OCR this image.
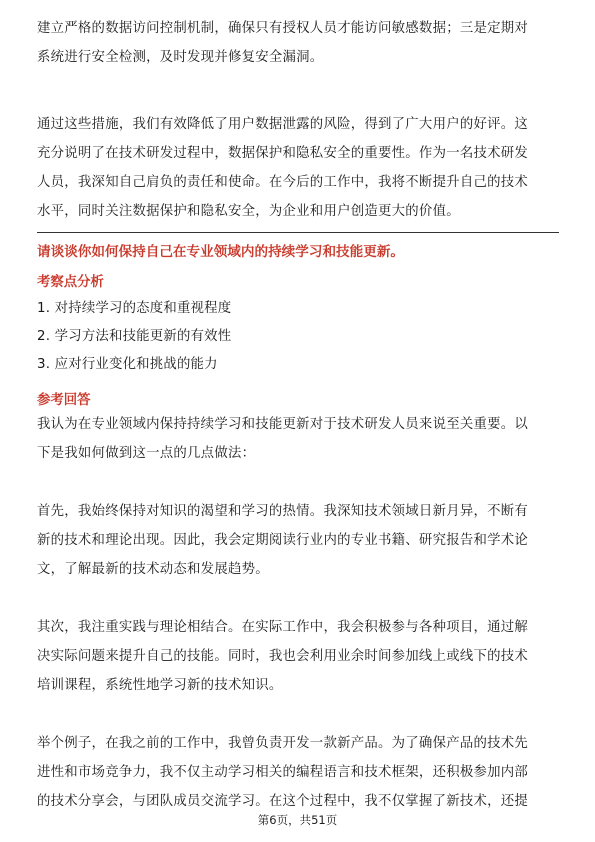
建立严格的数据访问控制机制，确保只有授权人员才能访问敏感数据；三是定期对
系统进行安全检测，及时发现并修复安全漏洞。
通过这些措施，我们有效降低了用户数据泄露的风险，得到了广大用户的好评。这
充分说明了在技术研发过程中，数据保护和隐私安全的重要性。作为一名技术研发
人员，我深知自己肩负的责任和使命。在今后的工作中，我将不断提升自己的技术
水平，同时关注数据保护和隐私安全，为企业和用户创造更大的价值。
请谈谈你如何保持自己在专业领域内的持续学习和技能更新。
考察点分析
1. 对持续学习的态度和重视程度
2. 学习方法和技能更新的有效性
3. 应对行业变化和挑战的能力
参考回答
我认为在专业领域内保持持续学习和技能更新对于技术研发人员来说至关重要。以
下是我如何做到这一点的几点做法：
首先，我始终保持对知识的渴望和学习的热情。我深知技术领域日新月异，不断有
新的技术和理论出现。因此，我会定期阅读行业内的专业书籍、研究报告和学术论
文，了解最新的技术动态和发展趋势。
其次，我注重实践与理论相结合。在实际工作中，我会积极参与各种项目，通过解
决实际问题来提升自己的技能。同时，我也会利用业余时间参加线上或线下的技术
培训课程，系统性地学习新的技术知识。
举个例子，在我之前的工作中，我曾负责开发一款新产品。为了确保产品的技术先
进性和市场竞争力，我不仅主动学习相关的编程语言和技术框架，还积极参加内部
的技术分享会，与团队成员交流学习。在这个过程中，我不仅掌握了新技术，还提
第6页，共51页
